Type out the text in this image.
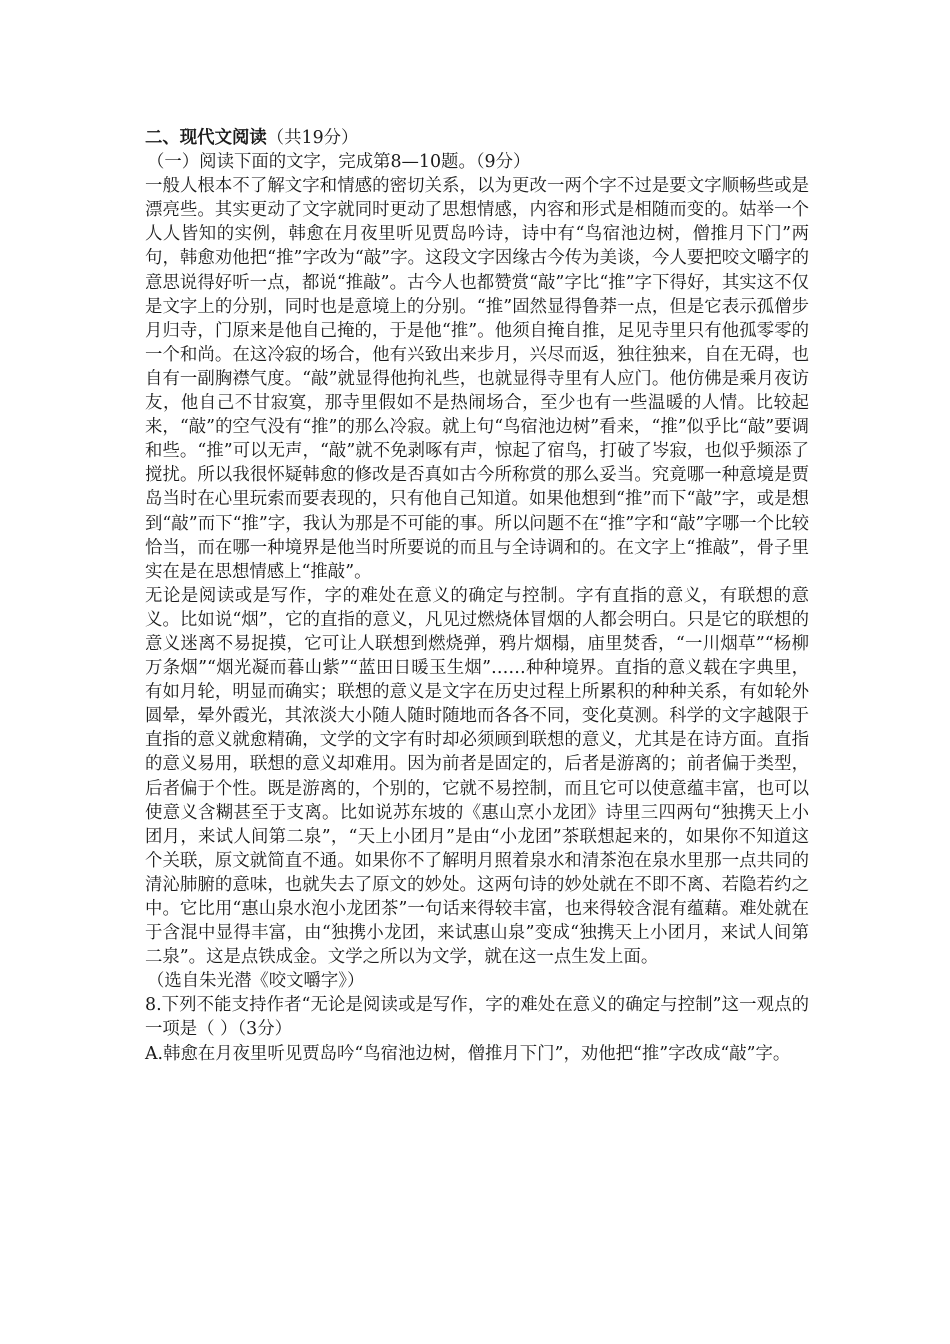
二、现代文阅读（共19分）

（一）阅读下面的文字，完成第8—10题。（9分）

一般人根本不了解文字和情感的密切关系，以为更改一两个字不过是要文字顺畅些或是漂亮些。其实更动了文字就同时更动了思想情感，内容和形式是相随而变的。姑举一个人人皆知的实例，韩愈在月夜里听见贾岛吟诗，诗中有“鸟宿池边树，僧推月下门”两句，韩愈劝他把“推”字改为“敲”字。这段文字因缘古今传为美谈，今人要把咬文嚼字的意思说得好听一点，都说“推敲”。古今人也都赞赏“敲”字比“推”字下得好，其实这不仅是文字上的分别，同时也是意境上的分别。“推”固然显得鲁莽一点，但是它表示孤僧步月归寺，门原来是他自己掩的，于是他“推”。他须自掩自推，足见寺里只有他孤零零的一个和尚。在这冷寂的场合，他有兴致出来步月，兴尽而返，独往独来，自在无碍，也自有一副胸襟气度。“敲”就显得他拘礼些，也就显得寺里有人应门。他仿佛是乘月夜访友，他自己不甘寂寞，那寺里假如不是热闹场合，至少也有一些温暖的人情。比较起来，“敲”的空气没有“推”的那么冷寂。就上句“鸟宿池边树”看来，“推”似乎比“敲”要调和些。“推”可以无声，“敲”就不免剥啄有声，惊起了宿鸟，打破了岑寂，也似乎频添了搅扰。所以我很怀疑韩愈的修改是否真如古今所称赏的那么妥当。究竟哪一种意境是贾岛当时在心里玩索而要表现的，只有他自己知道。如果他想到“推”而下“敲”字，或是想到“敲”而下“推”字，我认为那是不可能的事。所以问题不在“推”字和“敲”字哪一个比较恰当，而在哪一种境界是他当时所要说的而且与全诗调和的。在文字上“推敲”，骨子里实在是在思想情感上“推敲”。

无论是阅读或是写作，字的难处在意义的确定与控制。字有直指的意义，有联想的意义。比如说“烟”，它的直指的意义，凡见过燃烧体冒烟的人都会明白。只是它的联想的意义迷离不易捉摸，它可让人联想到燃烧弹，鸦片烟榻，庙里焚香，“一川烟草”“杨柳万条烟”“烟光凝而暮山紫”“蓝田日暖玉生烟”……种种境界。直指的意义载在字典里，有如月轮，明显而确实；联想的意义是文字在历史过程上所累积的种种关系，有如轮外圆晕，晕外霞光，其浓淡大小随人随时随地而各各不同，变化莫测。科学的文字越限于直指的意义就愈精确，文学的文字有时却必须顾到联想的意义，尤其是在诗方面。直指的意义易用，联想的意义却难用。因为前者是固定的，后者是游离的；前者偏于类型，后者偏于个性。既是游离的，个别的，它就不易控制，而且它可以使意蕴丰富，也可以使意义含糊甚至于支离。比如说苏东坡的《惠山烹小龙团》诗里三四两句“独携天上小团月，来试人间第二泉”，“天上小团月”是由“小龙团”茶联想起来的，如果你不知道这个关联，原文就简直不通。如果你不了解明月照着泉水和清茶泡在泉水里那一点共同的清沁肺腑的意味，也就失去了原文的妙处。这两句诗的妙处就在不即不离、若隐若约之中。它比用“惠山泉水泡小龙团茶”一句话来得较丰富，也来得较含混有蕴藉。难处就在于含混中显得丰富，由“独携小龙团，来试惠山泉”变成“独携天上小团月，来试人间第二泉”。这是点铁成金。文学之所以为文学，就在这一点生发上面。

（选自朱光潜《咬文嚼字》）

8.下列不能支持作者“无论是阅读或是写作，字的难处在意义的确定与控制”这一观点的一项是（ ）（3分）

A.韩愈在月夜里听见贾岛吟“鸟宿池边树，僧推月下门”，劝他把“推”字改成“敲”字。
